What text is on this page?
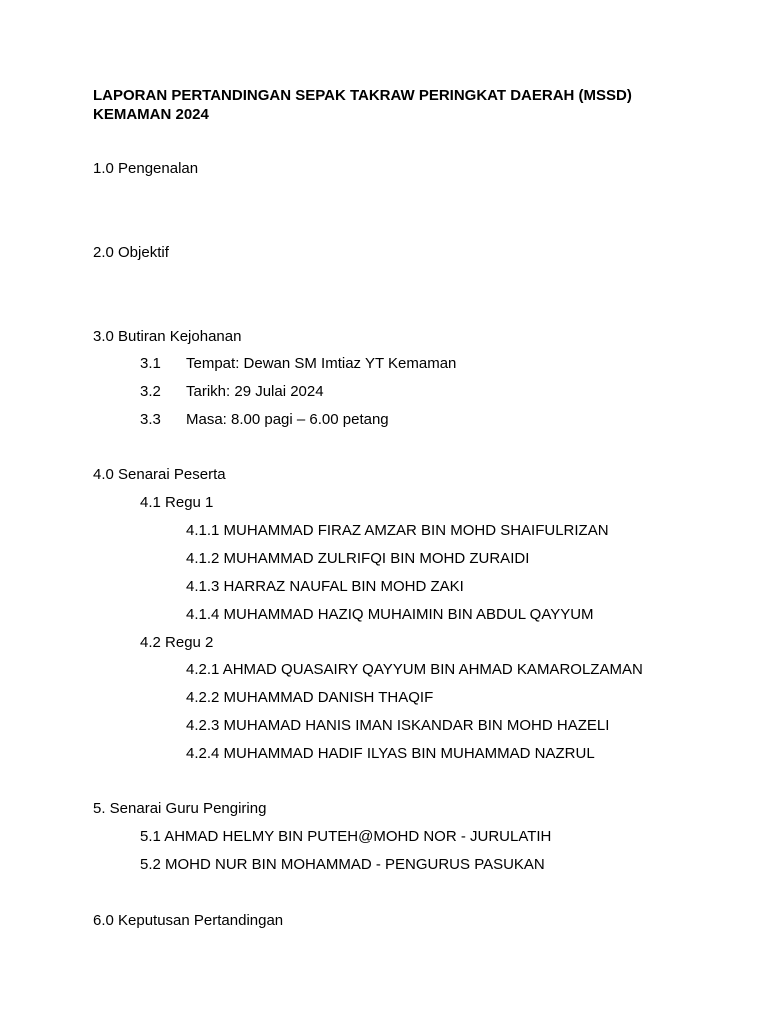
LAPORAN PERTANDINGAN SEPAK TAKRAW PERINGKAT DAERAH (MSSD)
KEMAMAN 2024
1.0 Pengenalan
2.0 Objektif
3.0 Butiran Kejohanan
3.1 Tempat: Dewan SM Imtiaz YT Kemaman
3.2 Tarikh: 29 Julai 2024
3.3 Masa: 8.00 pagi – 6.00 petang
4.0 Senarai Peserta
4.1 Regu 1
4.1.1 MUHAMMAD FIRAZ AMZAR BIN MOHD SHAIFULRIZAN
4.1.2 MUHAMMAD ZULRIFQI BIN MOHD ZURAIDI
4.1.3 HARRAZ NAUFAL BIN MOHD ZAKI
4.1.4 MUHAMMAD HAZIQ MUHAIMIN BIN ABDUL QAYYUM
4.2 Regu 2
4.2.1 AHMAD QUASAIRY QAYYUM BIN AHMAD KAMAROLZAMAN
4.2.2 MUHAMMAD DANISH THAQIF
4.2.3 MUHAMAD HANIS IMAN ISKANDAR BIN MOHD HAZELI
4.2.4 MUHAMMAD HADIF ILYAS BIN MUHAMMAD NAZRUL
5. Senarai Guru Pengiring
5.1 AHMAD HELMY BIN PUTEH@MOHD NOR - JURULATIH
5.2 MOHD NUR BIN MOHAMMAD - PENGURUS PASUKAN
6.0 Keputusan Pertandingan
